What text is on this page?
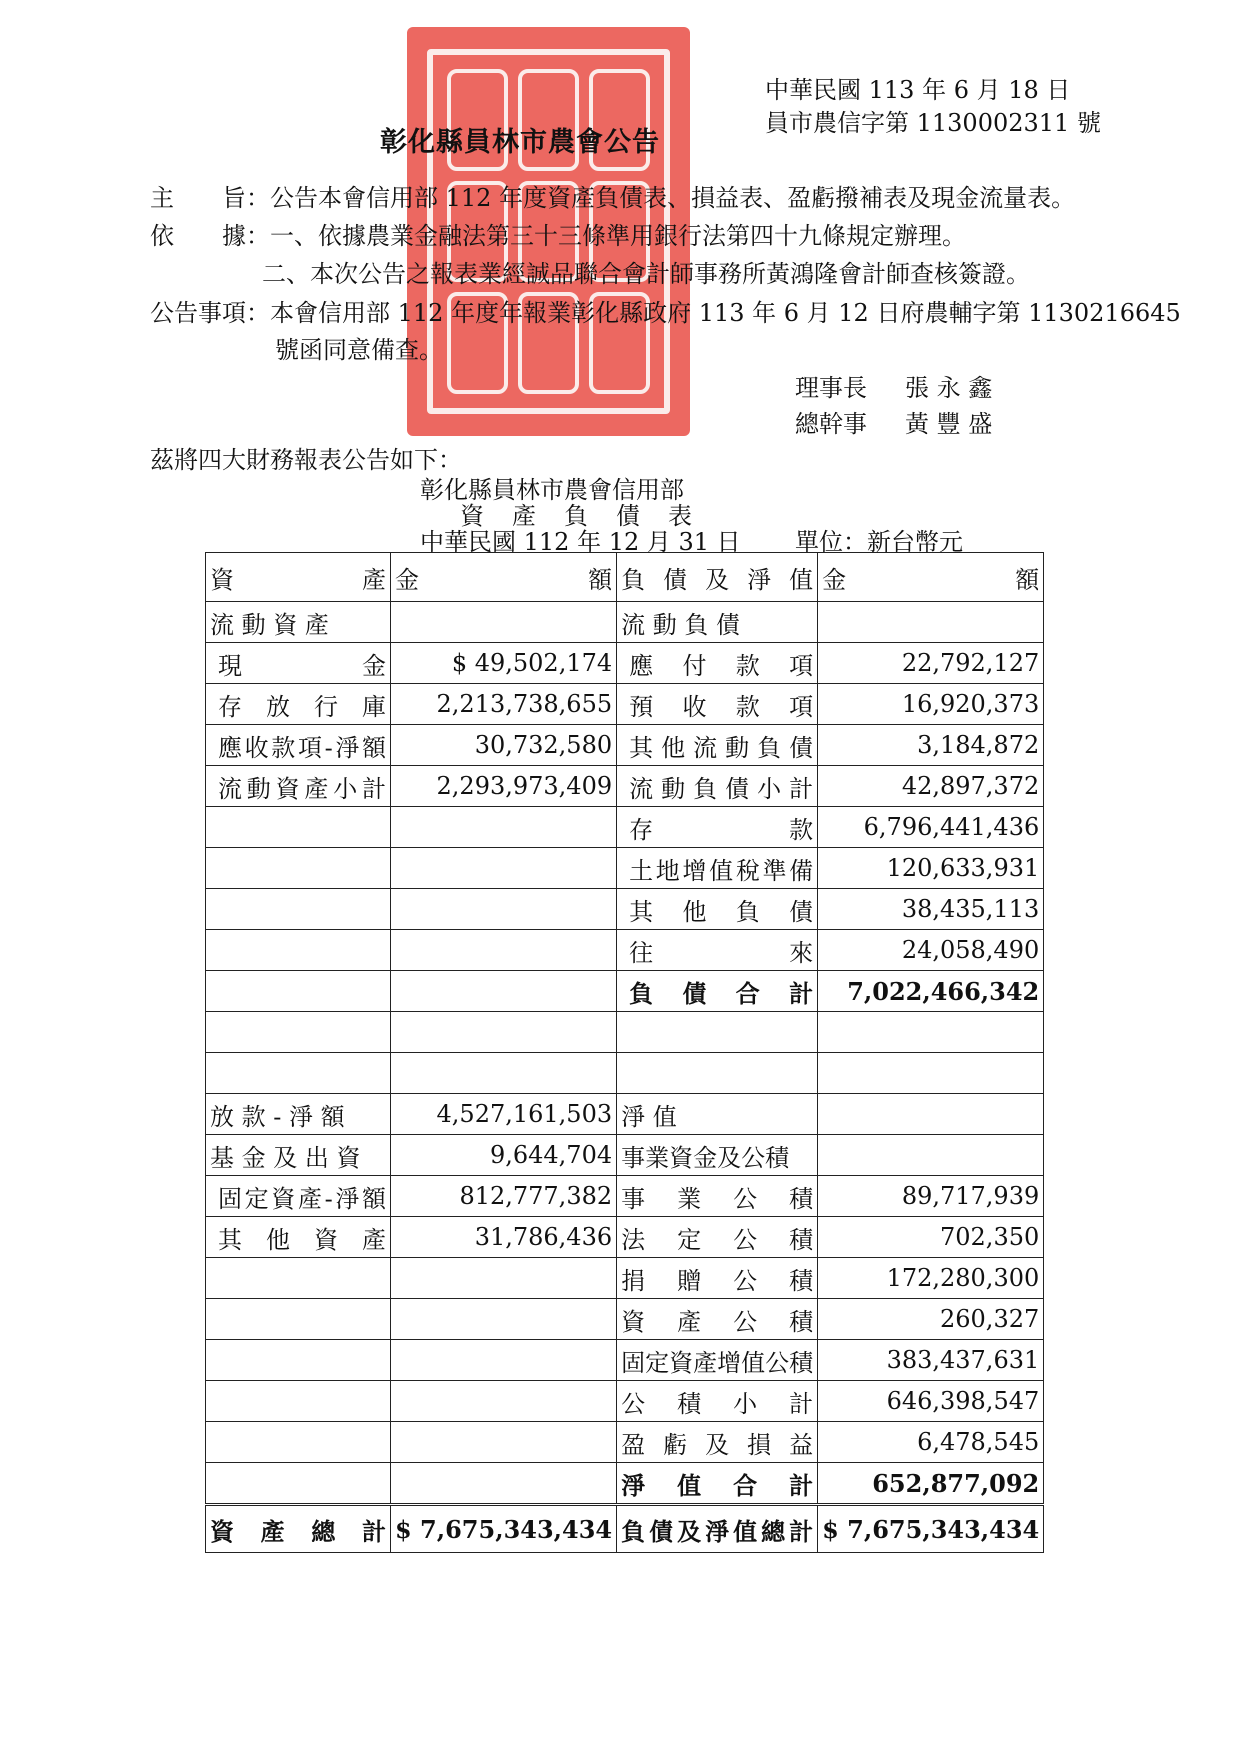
中華民國 113 年 6 月 18 日
員市農信字第 1130002311 號
彰化縣員林市農會公告
主　　旨：公告本會信用部 112 年度資產負債表、損益表、盈虧撥補表及現金流量表。
依　　據：一、依據農業金融法第三十三條準用銀行法第四十九條規定辦理。
二、本次公告之報表業經誠品聯合會計師事務所黃鴻隆會計師查核簽證。
公告事項：本會信用部 112 年度年報業彰化縣政府 113 年 6 月 12 日府農輔字第 1130216645
號函同意備查。
理事長 張 永 鑫
總幹事 黃 豐 盛
茲將四大財務報表公告如下：
彰化縣員林市農會信用部
資　產　負　債　表
中華民國 112 年 12 月 31 日 單位：新台幣元
資　　　　產	金　　　　額	負 債 及 淨 值	金　　　額
流 動 資 產		流 動 負 債	
現　　金	$ 49,502,174	應　付　款　項	22,792,127
存　放　行　庫	2,213,738,655	預　收　款　項	16,920,373
應收款項-淨額	30,732,580	其他流動負債	3,184,872
流動資產小計	2,293,973,409	流動負債小計	42,897,372
		存　　　款	6,796,441,436
		土地增值稅準備	120,633,931
		其　他　負　債	38,435,113
		往　　　來	24,058,490
		負　債　合　計	7,022,466,342

放 款 - 淨 額	4,527,161,503	淨 值	
基 金 及 出 資	9,644,704	事業資金及公積	
固定資產-淨額	812,777,382	事　業　公　積	89,717,939
其　他　資　產	31,786,436	法　定　公　積	702,350
		捐　贈　公　積	172,280,300
		資　產　公　積	260,327
		固定資產增值公積	383,437,631
		公　積　小　計	646,398,547
		盈 虧 及 損 益	6,478,545
		淨　值　合　計	652,877,092
資　產　總　計	$ 7,675,343,434	負債及淨值總計	$ 7,675,343,434
